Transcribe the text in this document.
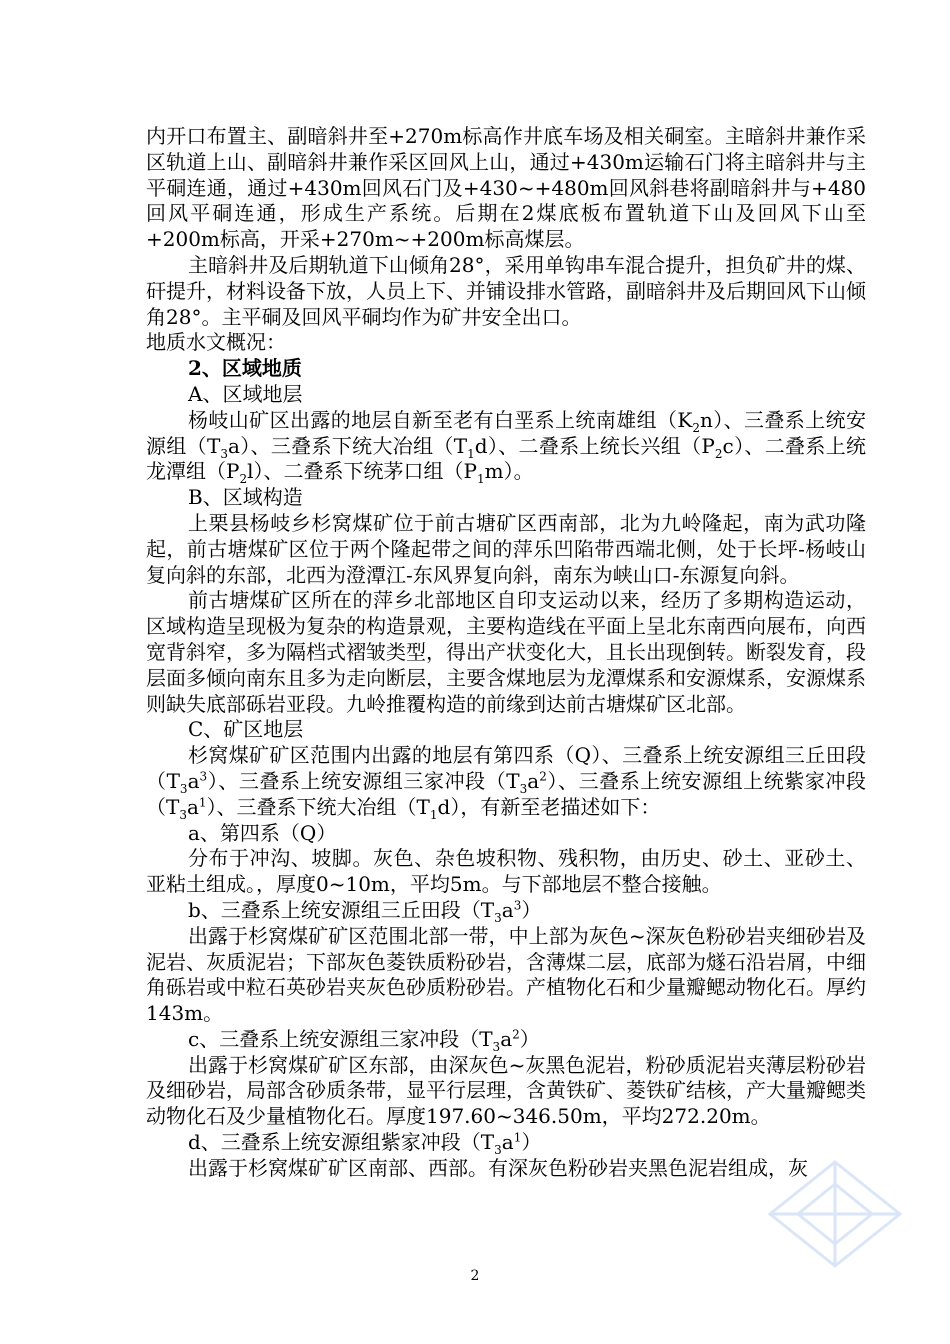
内开口布置主、副暗斜井至+270m标高作井底车场及相关硐室。主暗斜井兼作采区轨道上山、副暗斜井兼作采区回风上山，通过+430m运输石门将主暗斜井与主平硐连通，通过+430m回风石门及+430~+480m回风斜巷将副暗斜井与+480回风平硐连通，形成生产系统。后期在2煤底板布置轨道下山及回风下山至+200m标高，开采+270m~+200m标高煤层。

主暗斜井及后期轨道下山倾角28°，采用单钩串车混合提升，担负矿井的煤、矸提升，材料设备下放，人员上下、并铺设排水管路，副暗斜井及后期回风下山倾角28°。主平硐及回风平硐均作为矿井安全出口。

地质水文概况：

2、区域地质

A、区域地层

杨岐山矿区出露的地层自新至老有白垩系上统南雄组$(K_2n)$、三叠系上统安源组$(T_3a)$、三叠系下统大冶组$(T_1d)$、二叠系上统长兴组$(P_2c)$、二叠系上统龙潭组$(P_2l)$、二叠系下统茅口组$(P_1m)$。

B、区域构造

上栗县杨岐乡杉窝煤矿位于前古塘矿区西南部，北为九岭隆起，南为武功隆起，前古塘煤矿区位于两个隆起带之间的萍乐凹陷带西端北侧，处于长坪-杨岐山复向斜的东部，北西为澄潭江-东风界复向斜，南东为峡山口-东源复向斜。

前古塘煤矿区所在的萍乡北部地区自印支运动以来，经历了多期构造运动，区域构造呈现极为复杂的构造景观，主要构造线在平面上呈北东南西向展布，向西宽背斜窄，多为隔档式褶皱类型，得出产状变化大，且长出现倒转。断裂发育，段层面多倾向南东且多为走向断层，主要含煤地层为龙潭煤系和安源煤系，安源煤系则缺失底部砾岩亚段。九岭推覆构造的前缘到达前古塘煤矿区北部。

C、矿区地层

杉窝煤矿矿区范围内出露的地层有第四系（Q）、三叠系上统安源组三丘田段$(T_3a^3)$、三叠系上统安源组三家冲段$(T_3a^2)$、三叠系上统安源组上统紫家冲段$(T_3a^1)$、三叠系下统大冶组$(T_1d)$，有新至老描述如下：

a、第四系（Q）

分布于冲沟、坡脚。灰色、杂色坡积物、残积物，由历史、砂土、亚砂土、亚粘土组成。，厚度0~10m，平均5m。与下部地层不整合接触。

b、三叠系上统安源组三丘田段$(T_3a^3)$

出露于杉窝煤矿矿区范围北部一带，中上部为灰色~深灰色粉砂岩夹细砂岩及泥岩、灰质泥岩；下部灰色菱铁质粉砂岩，含薄煤二层，底部为燧石沿岩屑，中细角砾岩或中粒石英砂岩夹灰色砂质粉砂岩。产植物化石和少量瓣鳃动物化石。厚约143m。

c、三叠系上统安源组三家冲段$(T_3a^2)$

出露于杉窝煤矿矿区东部，由深灰色~灰黑色泥岩，粉砂质泥岩夹薄层粉砂岩及细砂岩，局部含砂质条带，显平行层理，含黄铁矿、菱铁矿结核，产大量瓣鳃类动物化石及少量植物化石。厚度197.60~346.50m，平均272.20m。

d、三叠系上统安源组紫家冲段$(T_3a^1)$

出露于杉窝煤矿矿区南部、西部。有深灰色粉砂岩夹黑色泥岩组成，灰

2
